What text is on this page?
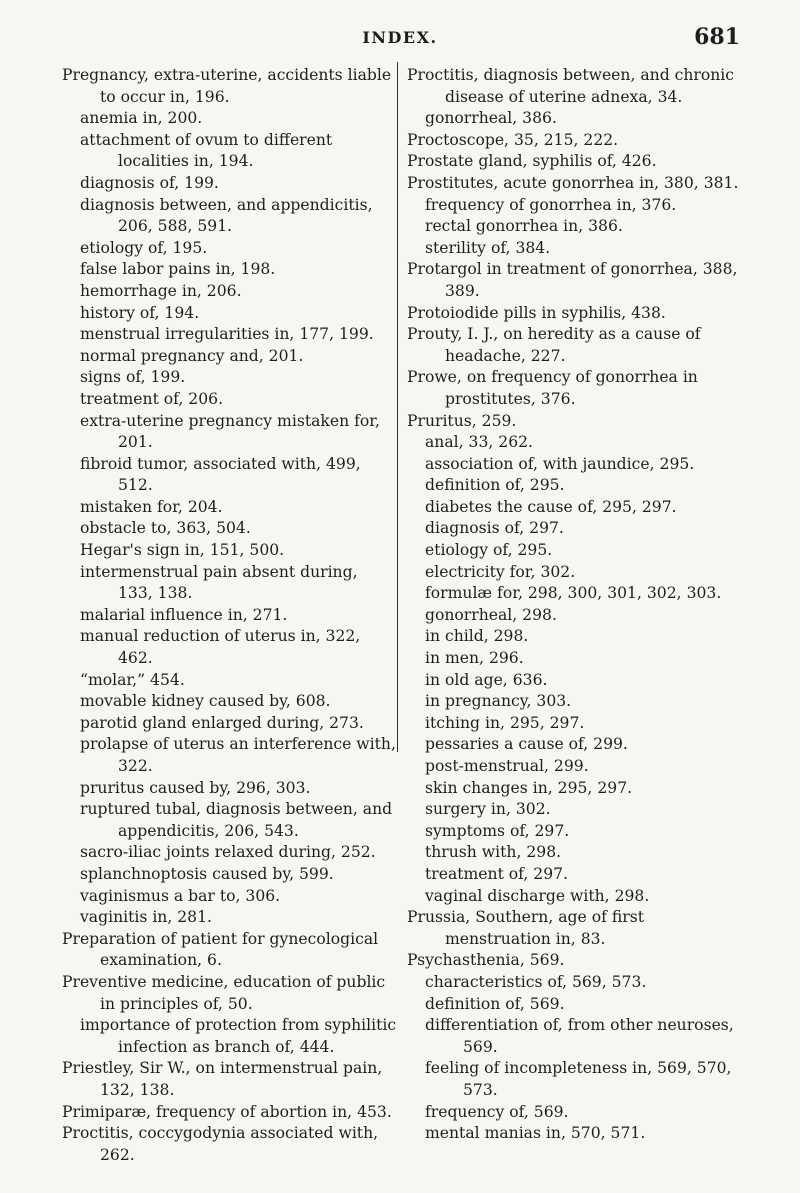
INDEX.	681
Pregnancy, extra-uterine, accidents liable to occur in, 196.
anemia in, 200.
attachment of ovum to different localities in, 194.
diagnosis of, 199.
diagnosis between, and appendicitis, 206, 588, 591.
etiology of, 195.
false labor pains in, 198.
hemorrhage in, 206.
history of, 194.
menstrual irregularities in, 177, 199.
normal pregnancy and, 201.
signs of, 199.
treatment of, 206.
extra-uterine pregnancy mistaken for, 201.
fibroid tumor, associated with, 499, 512.
mistaken for, 204.
obstacle to, 363, 504.
Hegar's sign in, 151, 500.
intermenstrual pain absent during, 133, 138.
malarial influence in, 271.
manual reduction of uterus in, 322, 462.
“molar,” 454.
movable kidney caused by, 608.
parotid gland enlarged during, 273.
prolapse of uterus an interference with, 322.
pruritus caused by, 296, 303.
ruptured tubal, diagnosis between, and appendicitis, 206, 543.
sacro-iliac joints relaxed during, 252.
splanchnoptosis caused by, 599.
vaginismus a bar to, 306.
vaginitis in, 281.
Preparation of patient for gynecological examination, 6.
Preventive medicine, education of public in principles of, 50.
importance of protection from syphilitic infection as branch of, 444.
Priestley, Sir W., on intermenstrual pain, 132, 138.
Primiparæ, frequency of abortion in, 453.
Proctitis, coccygodynia associated with, 262.
Proctitis, diagnosis between, and chronic disease of uterine adnexa, 34.
gonorrheal, 386.
Proctoscope, 35, 215, 222.
Prostate gland, syphilis of, 426.
Prostitutes, acute gonorrhea in, 380, 381.
frequency of gonorrhea in, 376.
rectal gonorrhea in, 386.
sterility of, 384.
Protargol in treatment of gonorrhea, 388, 389.
Protoiodide pills in syphilis, 438.
Prouty, I. J., on heredity as a cause of headache, 227.
Prowe, on frequency of gonorrhea in prostitutes, 376.
Pruritus, 259.
anal, 33, 262.
association of, with jaundice, 295.
definition of, 295.
diabetes the cause of, 295, 297.
diagnosis of, 297.
etiology of, 295.
electricity for, 302.
formulæ for, 298, 300, 301, 302, 303.
gonorrheal, 298.
in child, 298.
in men, 296.
in old age, 636.
in pregnancy, 303.
itching in, 295, 297.
pessaries a cause of, 299.
post-menstrual, 299.
skin changes in, 295, 297.
surgery in, 302.
symptoms of, 297.
thrush with, 298.
treatment of, 297.
vaginal discharge with, 298.
Prussia, Southern, age of first menstruation in, 83.
Psychasthenia, 569.
characteristics of, 569, 573.
definition of, 569.
differentiation of, from other neuroses, 569.
feeling of incompleteness in, 569, 570, 573.
frequency of, 569.
mental manias in, 570, 571.
